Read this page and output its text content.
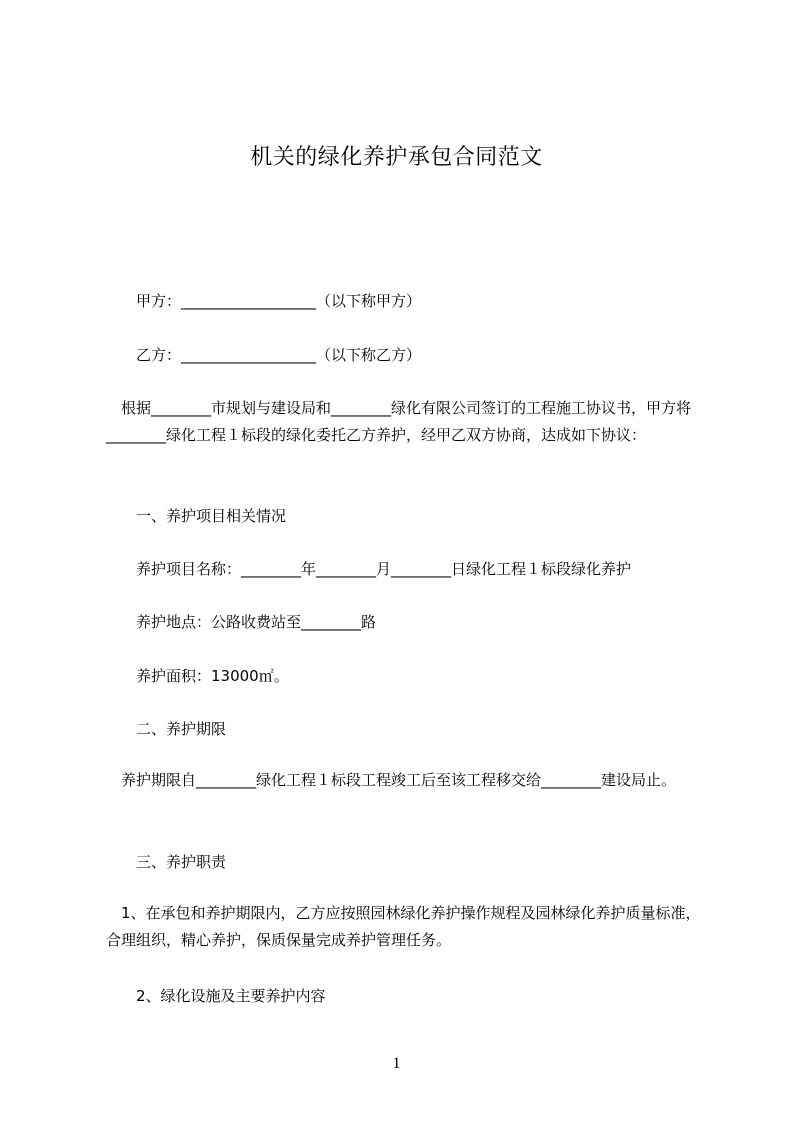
机关的绿化养护承包合同范文

甲方：__________________（以下称甲方）

乙方：__________________（以下称乙方）

　根据________市规划与建设局和________绿化有限公司签订的工程施工协议书，甲方将________绿化工程１标段的绿化委托乙方养护，经甲乙双方协商，达成如下协议：

一、养护项目相关情况

养护项目名称：________年________月________日绿化工程１标段绿化养护

养护地点：公路收费站至________路

养护面积：13000㎡。

二、养护期限

　养护期限自________绿化工程１标段工程竣工后至该工程移交给________建设局止。

三、养护职责

　1、在承包和养护期限内，乙方应按照园林绿化养护操作规程及园林绿化养护质量标准，合理组织，精心养护，保质保量完成养护管理任务。

2、绿化设施及主要养护内容

1
